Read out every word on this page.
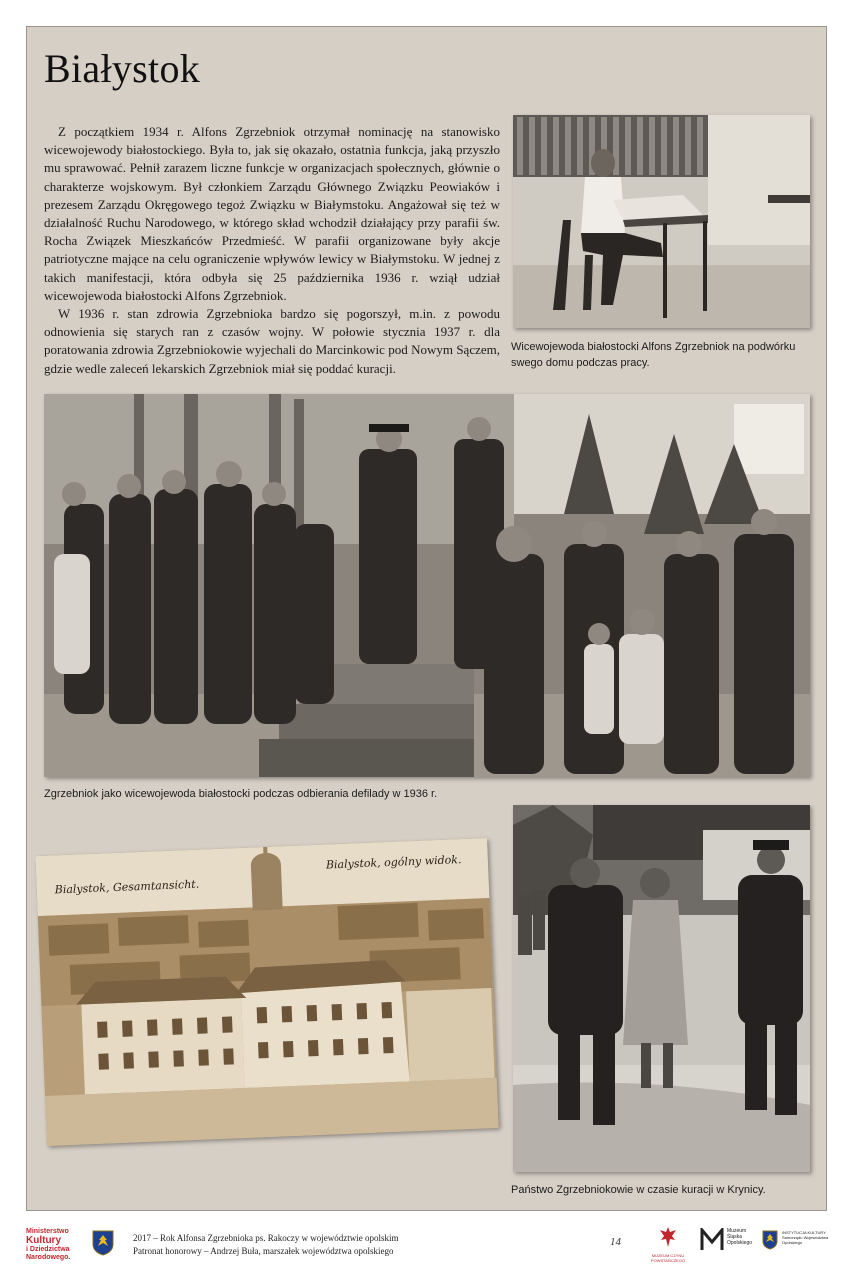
Białystok

Z początkiem 1934 r. Alfons Zgrzebniok otrzymał nominację na stanowisko wicewojewody białostockiego. Była to, jak się okazało, ostatnia funkcja, jaką przyszło mu sprawować. Pełnił zarazem liczne funkcje w organizacjach społecznych, głównie o charakterze wojskowym. Był członkiem Zarządu Głównego Związku Peowiaków i prezesem Zarządu Okręgowego tegoż Związku w Białymstoku. Angażował się też w działalność Ruchu Narodowego, w którego skład wchodził działający przy parafii św. Rocha Związek Mieszkańców Przedmieść. W parafii organizowane były akcje patriotyczne mające na celu ograniczenie wpływów lewicy w Białymstoku. W jednej z takich manifestacji, która odbyła się 25 października 1936 r. wziął udział wicewojewoda białostocki Alfons Zgrzebniok.

W 1936 r. stan zdrowia Zgrzebnioka bardzo się pogorszył, m.in. z powodu odnowienia się starych ran z czasów wojny. W połowie stycznia 1937 r. dla poratowania zdrowia Zgrzebniokowie wyjechali do Marcinkowic pod Nowym Sączem, gdzie wedle zaleceń lekarskich Zgrzebniok miał się poddać kuracji.

Wicewojewoda białostocki Alfons Zgrzebniok na podwórku swego domu podczas pracy.
Zgrzebniok jako wicewojewoda białostocki podczas odbierania defilady w 1936 r.
Bialystok, Gesamtansicht.
Bialystok, ogólny widok.
Państwo Zgrzebniokowie w czasie kuracji w Krynicy.
Ministerstwo
Kultury
i Dziedzictwa
Narodowego.
2017 – Rok Alfonsa Zgrzebnioka ps. Rakoczy w województwie opolskim
Patronat honorowy – Andrzej Buła, marszałek województwa opolskiego
14
MUZEUM CZYNU POWSTAŃCZEGO
Muzeum
Śląska
Opolskiego
INSTYTUCJA KULTURY
Samorządu Województwa
Opolskiego
